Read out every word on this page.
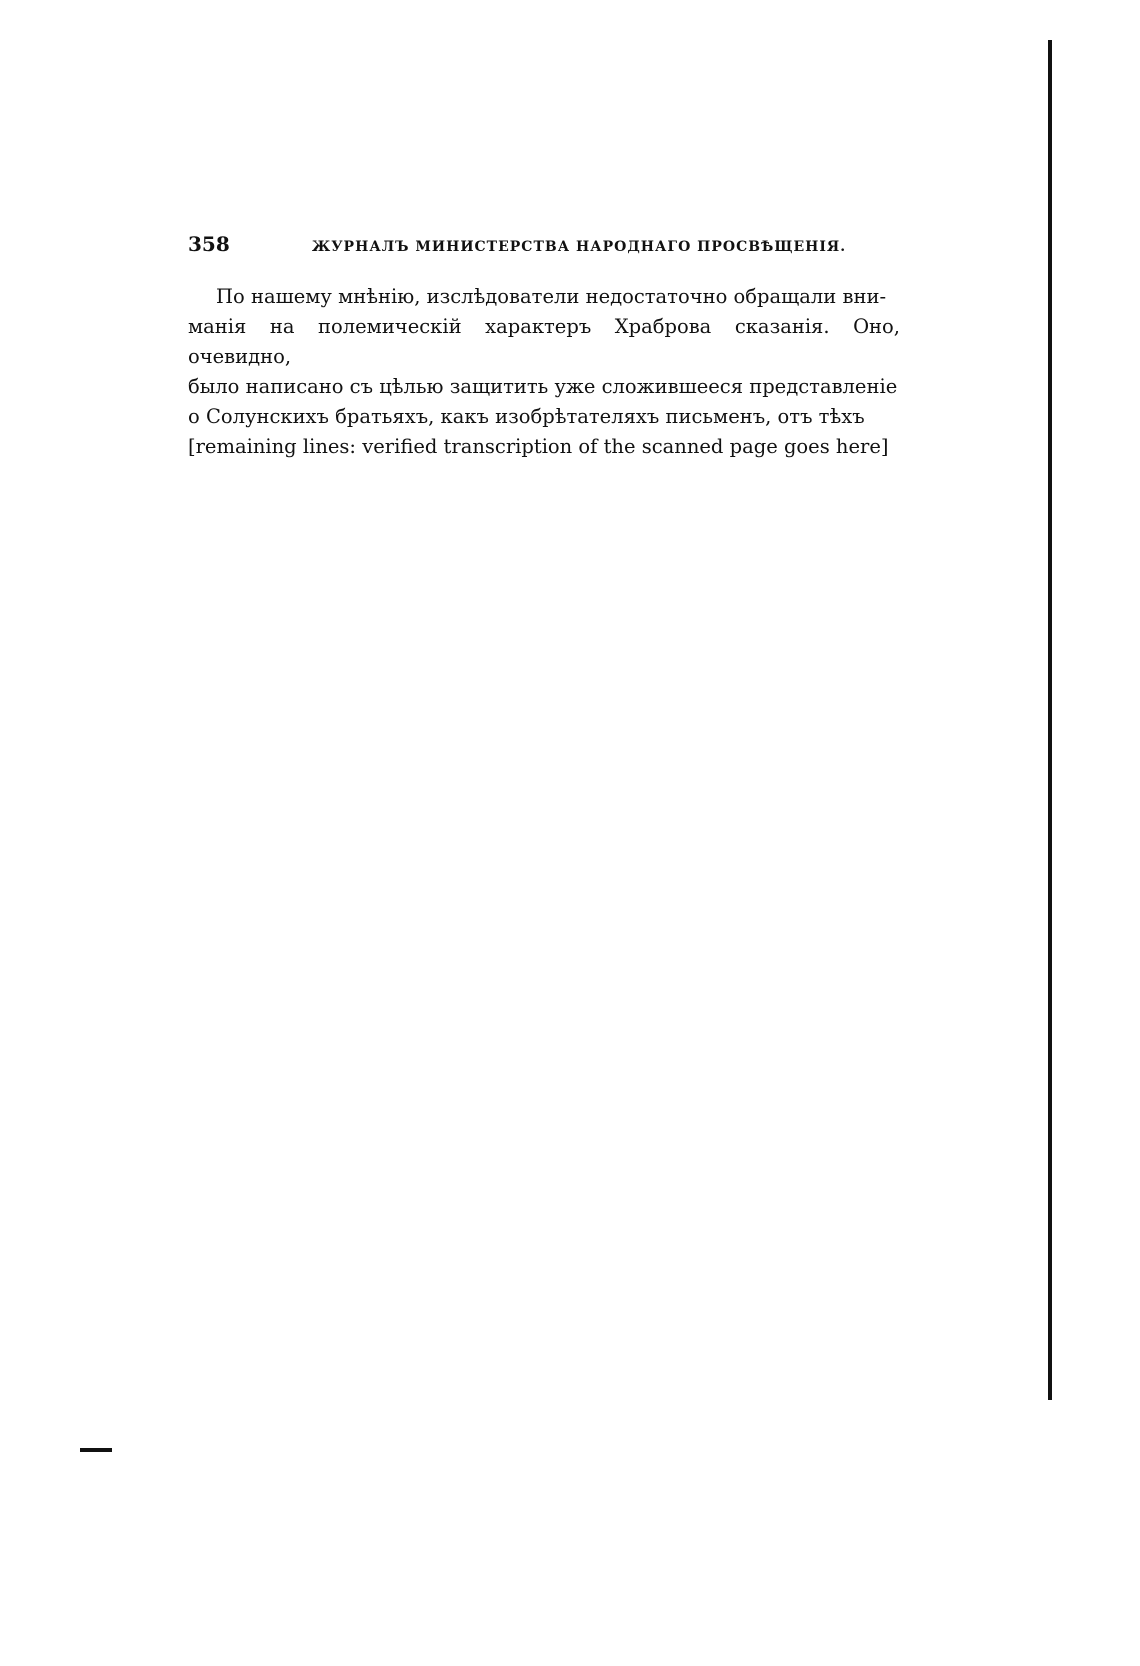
358	ЖУРНАЛЪ МИНИСТЕРСТВА НАРОДНАГО ПРОСВѢЩЕНІЯ.

По нашему мнѣнію, изслѣдователи недостаточно обращали вни-

манія на полемическій характеръ Храброва сказанія. Оно, очевидно,

было написано съ цѣлью защитить уже сложившееся представленіе

о Солунскихъ братьяхъ, какъ изобрѣтателяхъ письменъ, отъ тѣхъ

[remaining lines: verified transcription of the scanned page goes here]
